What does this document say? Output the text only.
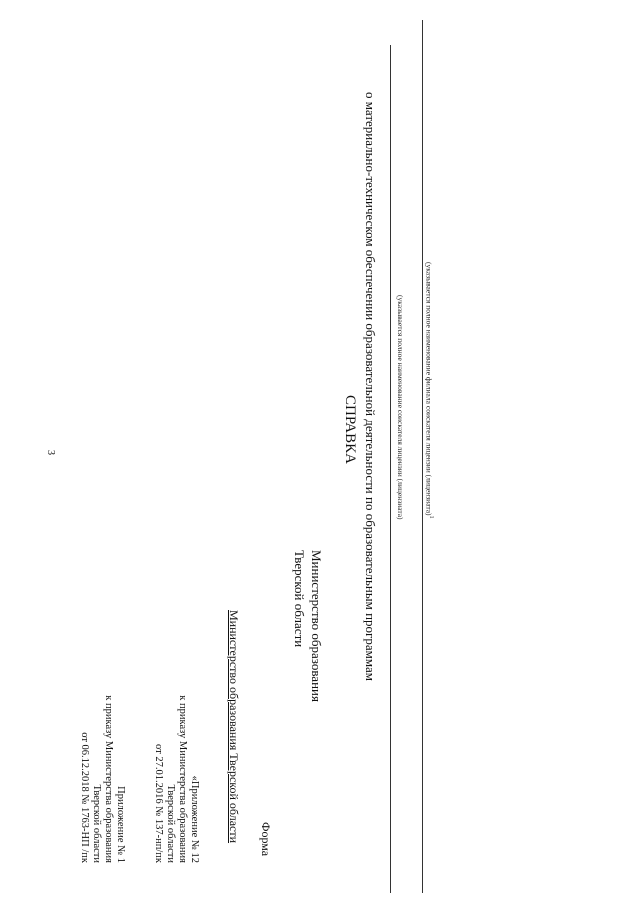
3
Приложение № 1
к приказу Министерства образования
Тверской области
от 06.12.2018 № 1763-НП /пк	«Приложение № 12
к приказу Министерства образования
Тверской области
от 27.01.2016 № 137-нп/пк	Министерство образования Тверской области Форма
Министерство образования
Тверской области
СПРАВКА о материально-техническом обеспечении образовательной деятельности по образовательным программам (указывается полное наименование соискателя лицензии (лицензиата)	(указывается полное наименование филиала соискателя лицензии (лицензиата)$^1$
